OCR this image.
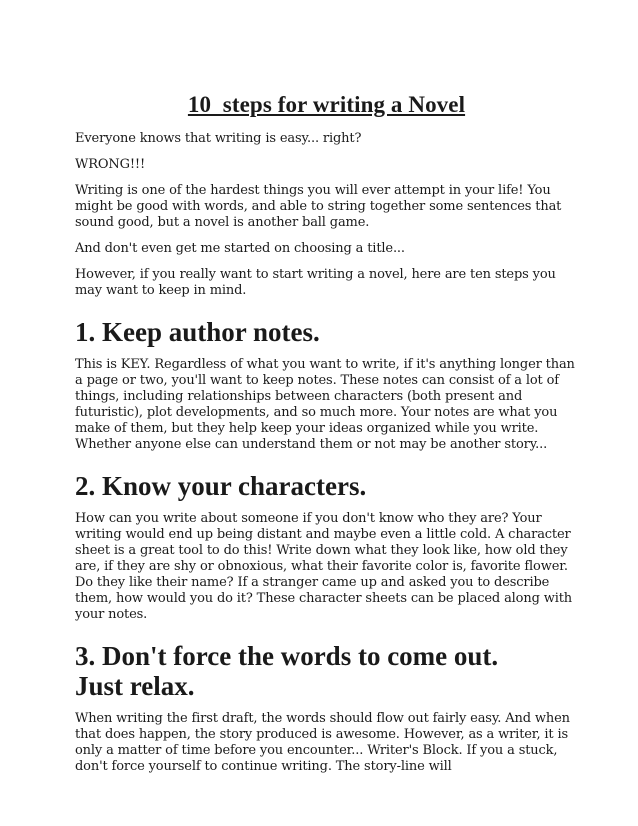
10  steps for writing a Novel

Everyone knows that writing is easy... right?

WRONG!!!

Writing is one of the hardest things you will ever attempt in your life! You might be good with words, and able to string together some sentences that sound good, but a novel is another ball game.

And don't even get me started on choosing a title...

However, if you really want to start writing a novel, here are ten steps you may want to keep in mind.

1. Keep author notes.

This is KEY. Regardless of what you want to write, if it's anything longer than a page or two, you'll want to keep notes. These notes can consist of a lot of things, including relationships between characters (both present and futuristic), plot developments, and so much more. Your notes are what you make of them, but they help keep your ideas organized while you write. Whether anyone else can understand them or not may be another story...

2. Know your characters.

How can you write about someone if you don't know who they are? Your writing would end up being distant and maybe even a little cold. A character sheet is a great tool to do this! Write down what they look like, how old they are, if they are shy or obnoxious, what their favorite color is, favorite flower. Do they like their name? If a stranger came up and asked you to describe them, how would you do it? These character sheets can be placed along with your notes.

3. Don't force the words to come out. Just relax.

When writing the first draft, the words should flow out fairly easy. And when that does happen, the story produced is awesome. However, as a writer, it is only a matter of time before you encounter... Writer's Block. If you a stuck, don't force yourself to continue writing. The story-line will
